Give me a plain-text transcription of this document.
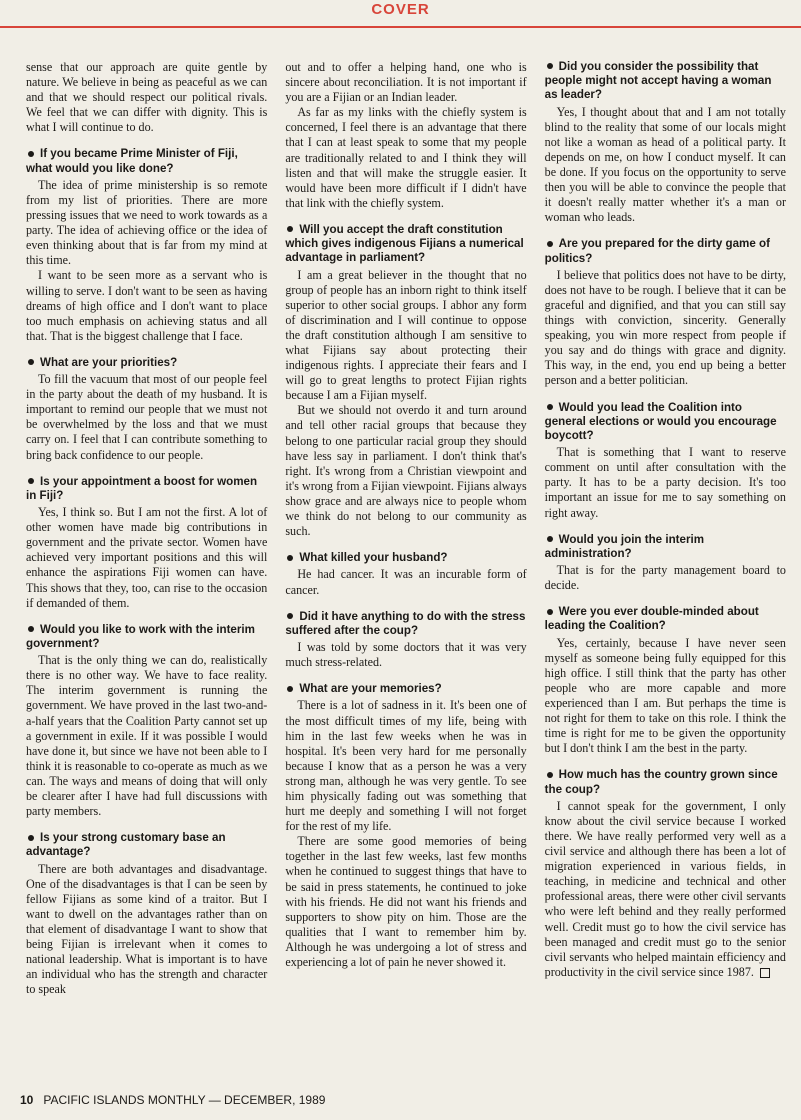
COVER

sense that our approach are quite gentle by nature. We believe in being as peaceful as we can and that we should respect our political rivals. We feel that we can differ with dignity. This is what I will continue to do.

If you became Prime Minister of Fiji, what would you like done?

The idea of prime ministership is so remote from my list of priorities. There are more pressing issues that we need to work towards as a party. The idea of achieving office or the idea of even thinking about that is far from my mind at this time.

I want to be seen more as a servant who is willing to serve. I don't want to be seen as having dreams of high office and I don't want to place too much emphasis on achieving status and all that. That is the biggest challenge that I face.

What are your priorities?

To fill the vacuum that most of our people feel in the party about the death of my husband. It is important to remind our people that we must not be overwhelmed by the loss and that we must carry on. I feel that I can contribute something to bring back confidence to our people.

Is your appointment a boost for women in Fiji?

Yes, I think so. But I am not the first. A lot of other women have made big contributions in government and the private sector. Women have achieved very important positions and this will enhance the aspirations Fiji women can have. This shows that they, too, can rise to the occasion if demanded of them.

Would you like to work with the interim government?

That is the only thing we can do, realistically there is no other way. We have to face reality. The interim government is running the government. We have proved in the last two-and-a-half years that the Coalition Party cannot set up a government in exile. If it was possible I would have done it, but since we have not been able to I think it is reasonable to co-operate as much as we can. The ways and means of doing that will only be clearer after I have had full discussions with party members.

Is your strong customary base an advantage?

There are both advantages and disadvantage. One of the disadvantages is that I can be seen by fellow Fijians as some kind of a traitor. But I want to dwell on the advantages rather than on that element of disadvantage I want to show that being Fijian is irrelevant when it comes to national leadership. What is important is to have an individual who has the strength and character to speak

out and to offer a helping hand, one who is sincere about reconciliation. It is not important if you are a Fijian or an Indian leader.

As far as my links with the chiefly system is concerned, I feel there is an advantage that there that I can at least speak to some that my people are traditionally related to and I think they will listen and that will make the struggle easier. It would have been more difficult if I didn't have that link with the chiefly system.

Will you accept the draft constitution which gives indigenous Fijians a numerical advantage in parliament?

I am a great believer in the thought that no group of people has an inborn right to think itself superior to other social groups. I abhor any form of discrimination and I will continue to oppose the draft constitution although I am sensitive to what Fijians say about protecting their indigenous rights. I appreciate their fears and I will go to great lengths to protect Fijian rights because I am a Fijian myself.

But we should not overdo it and turn around and tell other racial groups that because they belong to one particular racial group they should have less say in parliament. I don't think that's right. It's wrong from a Christian viewpoint and it's wrong from a Fijian viewpoint. Fijians always show grace and are always nice to people whom we think do not belong to our community as such.

What killed your husband?

He had cancer. It was an incurable form of cancer.

Did it have anything to do with the stress suffered after the coup?

I was told by some doctors that it was very much stress-related.

What are your memories?

There is a lot of sadness in it. It's been one of the most difficult times of my life, being with him in the last few weeks when he was in hospital. It's been very hard for me personally because I know that as a person he was a very strong man, although he was very gentle. To see him physically fading out was something that hurt me deeply and something I will not forget for the rest of my life.

There are some good memories of being together in the last few weeks, last few months when he continued to suggest things that have to be said in press statements, he continued to joke with his friends. He did not want his friends and supporters to show pity on him. Those are the qualities that I want to remember him by. Although he was undergoing a lot of stress and experiencing a lot of pain he never showed it.

Did you consider the possibility that people might not accept having a woman as leader?

Yes, I thought about that and I am not totally blind to the reality that some of our locals might not like a woman as head of a political party. It depends on me, on how I conduct myself. It can be done. If you focus on the opportunity to serve then you will be able to convince the people that it doesn't really matter whether it's a man or woman who leads.

Are you prepared for the dirty game of politics?

I believe that politics does not have to be dirty, does not have to be rough. I believe that it can be graceful and dignified, and that you can still say things with conviction, sincerity. Generally speaking, you win more respect from people if you say and do things with grace and dignity. This way, in the end, you end up being a better person and a better politician.

Would you lead the Coalition into general elections or would you encourage boycott?

That is something that I want to reserve comment on until after consultation with the party. It has to be a party decision. It's too important an issue for me to say something on right away.

Would you join the interim administration?

That is for the party management board to decide.

Were you ever double-minded about leading the Coalition?

Yes, certainly, because I have never seen myself as someone being fully equipped for this high office. I still think that the party has other people who are more capable and more experienced than I am. But perhaps the time is not right for them to take on this role. I think the time is right for me to be given the opportunity but I don't think I am the best in the party.

How much has the country grown since the coup?

I cannot speak for the government, I only know about the civil service because I worked there. We have really performed very well as a civil service and although there has been a lot of migration experienced in various fields, in teaching, in medicine and technical and other professional areas, there were other civil servants who were left behind and they really performed well. Credit must go to how the civil service has been managed and credit must go to the senior civil servants who helped maintain efficiency and productivity in the civil service since 1987.

10 PACIFIC ISLANDS MONTHLY — DECEMBER, 1989
